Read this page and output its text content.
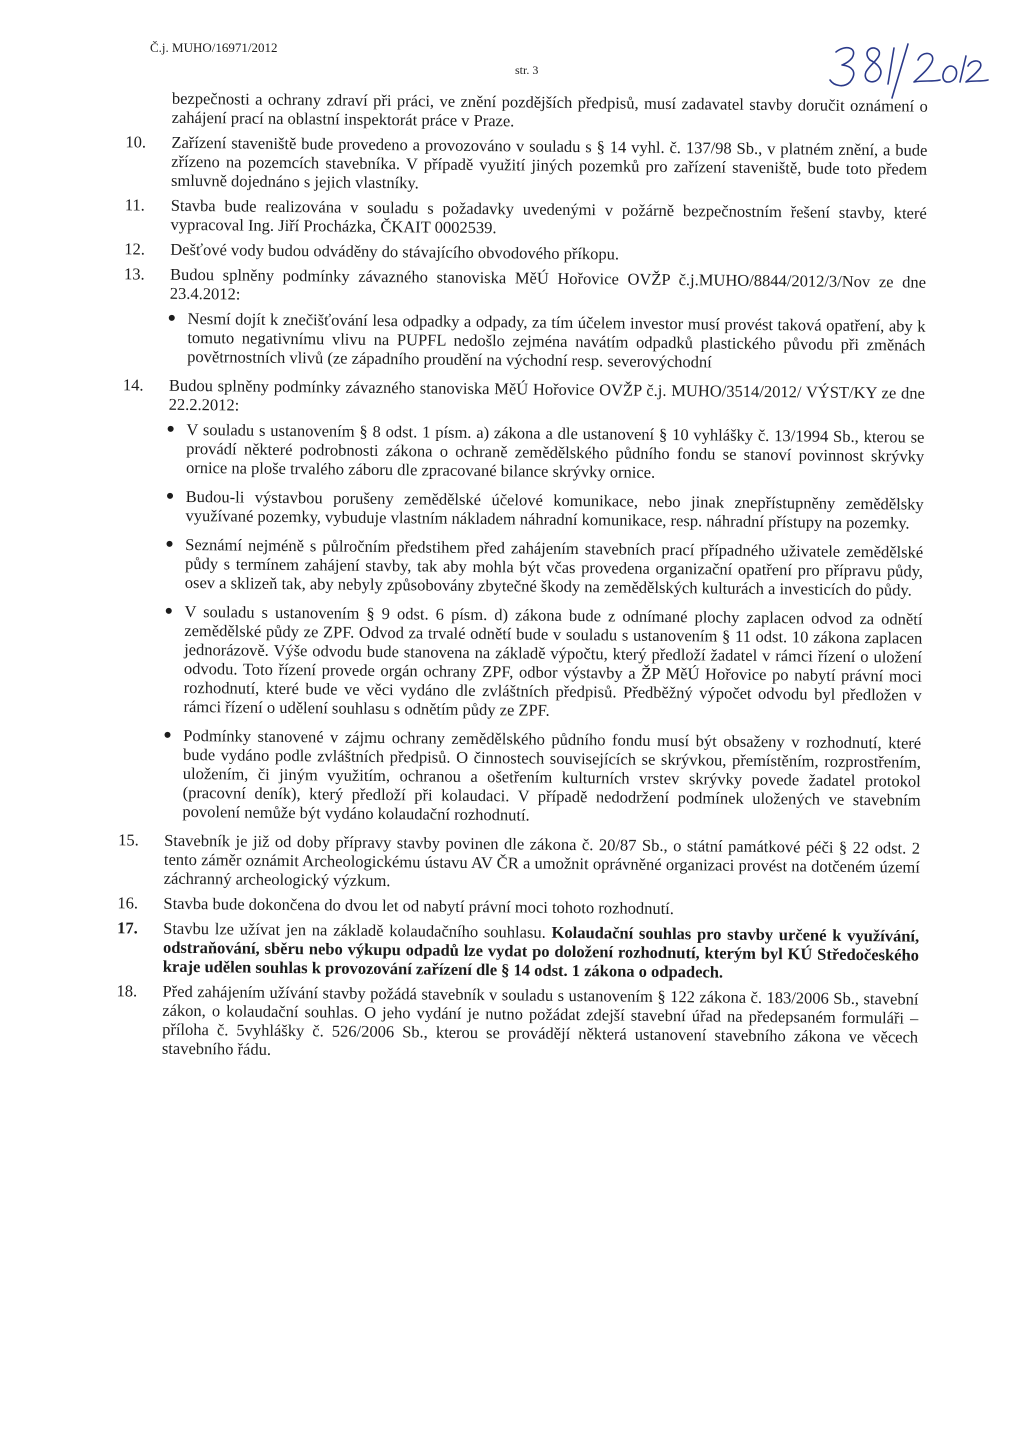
Č.j. MUHO/16971/2012
str. 3
bezpečnosti a ochrany zdraví při práci, ve znění pozdějších předpisů, musí zadavatel stavby doručit oznámení o zahájení prací na oblastní inspektorát práce v Praze.
10.	Zařízení staveniště bude provedeno a provozováno v souladu s § 14 vyhl. č. 137/98 Sb., v platném znění, a bude zřízeno na pozemcích stavebníka. V případě využití jiných pozemků pro zařízení staveniště, bude toto předem smluvně dojednáno s jejich vlastníky.
11.	Stavba bude realizována v souladu s požadavky uvedenými v požárně bezpečnostním řešení stavby, které vypracoval Ing. Jiří Procházka, ČKAIT 0002539.
12.	Dešťové vody budou odváděny do stávajícího obvodového příkopu.
13.	Budou splněny podmínky závazného stanoviska MěÚ Hořovice OVŽP č.j.MUHO/8844/2012/3/Nov ze dne 23.4.2012:
● Nesmí dojít k znečišťování lesa odpadky a odpady, za tím účelem investor musí provést taková opatření, aby k tomuto negativnímu vlivu na PUPFL nedošlo zejména navátím odpadků plastického původu při změnách povětrnostních vlivů (ze západního proudění na východní resp. severovýchodní
14.	Budou splněny podmínky závazného stanoviska MěÚ Hořovice OVŽP č.j. MUHO/3514/2012/ VÝST/KY ze dne 22.2.2012:
● V souladu s ustanovením § 8 odst. 1 písm. a) zákona a dle ustanovení § 10 vyhlášky č. 13/1994 Sb., kterou se provádí některé podrobnosti zákona o ochraně zemědělského půdního fondu se stanoví povinnost skrývky ornice na ploše trvalého záboru dle zpracované bilance skrývky ornice.
● Budou-li výstavbou porušeny zemědělské účelové komunikace, nebo jinak znepřístupněny zemědělsky využívané pozemky, vybuduje vlastním nákladem náhradní komunikace, resp. náhradní přístupy na pozemky.
● Seznámí nejméně s půlročním předstihem před zahájením stavebních prací případného uživatele zemědělské půdy s termínem zahájení stavby, tak aby mohla být včas provedena organizační opatření pro přípravu půdy, osev a sklizeň tak, aby nebyly způsobovány zbytečné škody na zemědělských kulturách a investicích do půdy.
● V souladu s ustanovením § 9 odst. 6 písm. d) zákona bude z odnímané plochy zaplacen odvod za odnětí zemědělské půdy ze ZPF. Odvod za trvalé odnětí bude v souladu s ustanovením § 11 odst. 10 zákona zaplacen jednorázově. Výše odvodu bude stanovena na základě výpočtu, který předloží žadatel v rámci řízení o uložení odvodu. Toto řízení provede orgán ochrany ZPF, odbor výstavby a ŽP MěÚ Hořovice po nabytí právní moci rozhodnutí, které bude ve věci vydáno dle zvláštních předpisů. Předběžný výpočet odvodu byl předložen v rámci řízení o udělení souhlasu s odnětím půdy ze ZPF.
● Podmínky stanovené v zájmu ochrany zemědělského půdního fondu musí být obsaženy v rozhodnutí, které bude vydáno podle zvláštních předpisů. O činnostech souvisejících se skrývkou, přemístěním, rozprostřením, uložením, či jiným využitím, ochranou a ošetřením kulturních vrstev skrývky povede žadatel protokol (pracovní deník), který předloží při kolaudaci. V případě nedodržení podmínek uložených ve stavebním povolení nemůže být vydáno kolaudační rozhodnutí.
15.	Stavebník je již od doby přípravy stavby povinen dle zákona č. 20/87 Sb., o státní památkové péči § 22 odst. 2 tento záměr oznámit Archeologickému ústavu AV ČR a umožnit oprávněné organizaci provést na dotčeném území záchranný archeologický výzkum.
16.	Stavba bude dokončena do dvou let od nabytí právní moci tohoto rozhodnutí.
17.	Stavbu lze užívat jen na základě kolaudačního souhlasu. Kolaudační souhlas pro stavby určené k využívání, odstraňování, sběru nebo výkupu odpadů lze vydat po doložení rozhodnutí, kterým byl KÚ Středočeského kraje udělen souhlas k provozování zařízení dle § 14 odst. 1 zákona o odpadech.
18.	Před zahájením užívání stavby požádá stavebník v souladu s ustanovením § 122 zákona č. 183/2006 Sb., stavební zákon, o kolaudační souhlas. O jeho vydání je nutno požádat zdejší stavební úřad na předepsaném formuláři – příloha č. 5vyhlášky č. 526/2006 Sb., kterou se provádějí některá ustanovení stavebního zákona ve věcech stavebního řádu.
